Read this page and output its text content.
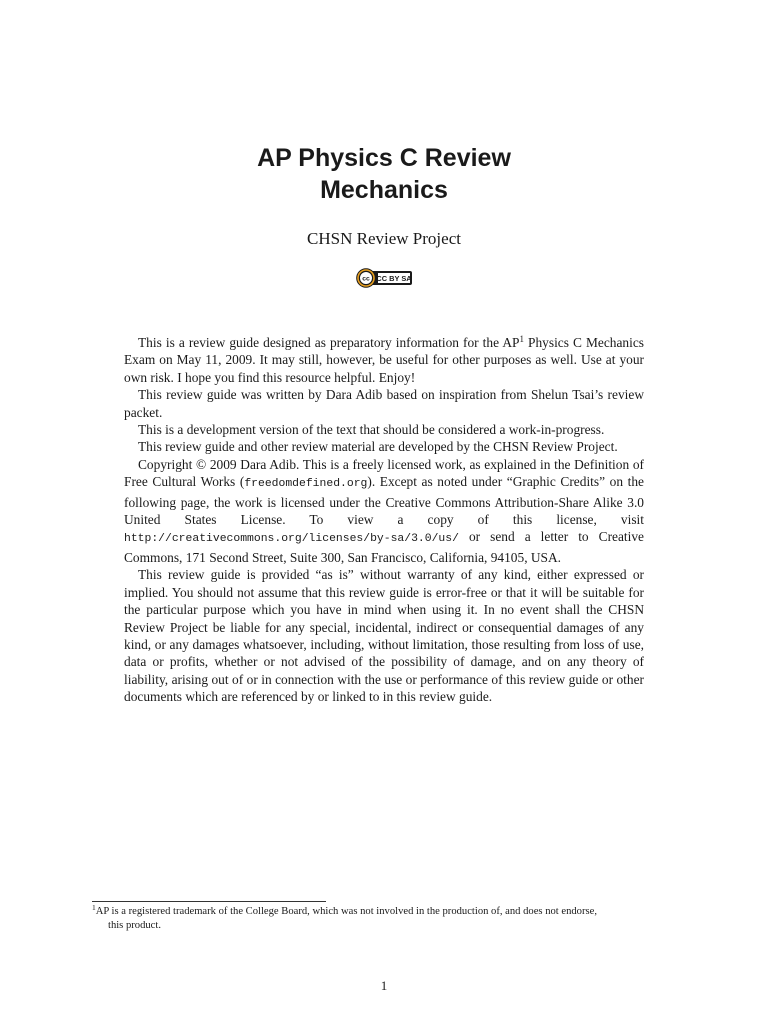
AP Physics C Review
Mechanics
CHSN Review Project
cc CC BY SA

This is a review guide designed as preparatory information for the $AP^1$ Physics C Mechanics Exam on May 11, 2009. It may still, however, be useful for other purposes as well. Use at your own risk. I hope you find this resource helpful. Enjoy!

This review guide was written by Dara Adib based on inspiration from Shelun Tsai’s review packet.

This is a development version of the text that should be considered a work-in-progress.

This review guide and other review material are developed by the CHSN Review Project.

Copyright © 2009 Dara Adib. This is a freely licensed work, as explained in the Definition of Free Cultural Works (freedomdefined.org). Except as noted under “Graphic Credits” on the following page, the work is licensed under the Creative Commons Attribution-Share Alike 3.0 United States License. To view a copy of this license, visit http://creativecommons.org/licenses/by-sa/3.0/us/ or send a letter to Creative Commons, 171 Second Street, Suite 300, San Francisco, California, 94105, USA.

This review guide is provided “as is” without warranty of any kind, either expressed or implied. You should not assume that this review guide is error-free or that it will be suitable for the particular purpose which you have in mind when using it. In no event shall the CHSN Review Project be liable for any special, incidental, indirect or consequential damages of any kind, or any damages whatsoever, including, without limitation, those resulting from loss of use, data or profits, whether or not advised of the possibility of damage, and on any theory of liability, arising out of or in connection with the use or performance of this review guide or other documents which are referenced by or linked to in this review guide.

$^1$AP is a registered trademark of the College Board, which was not involved in the production of, and does not endorse,
this product.
1
